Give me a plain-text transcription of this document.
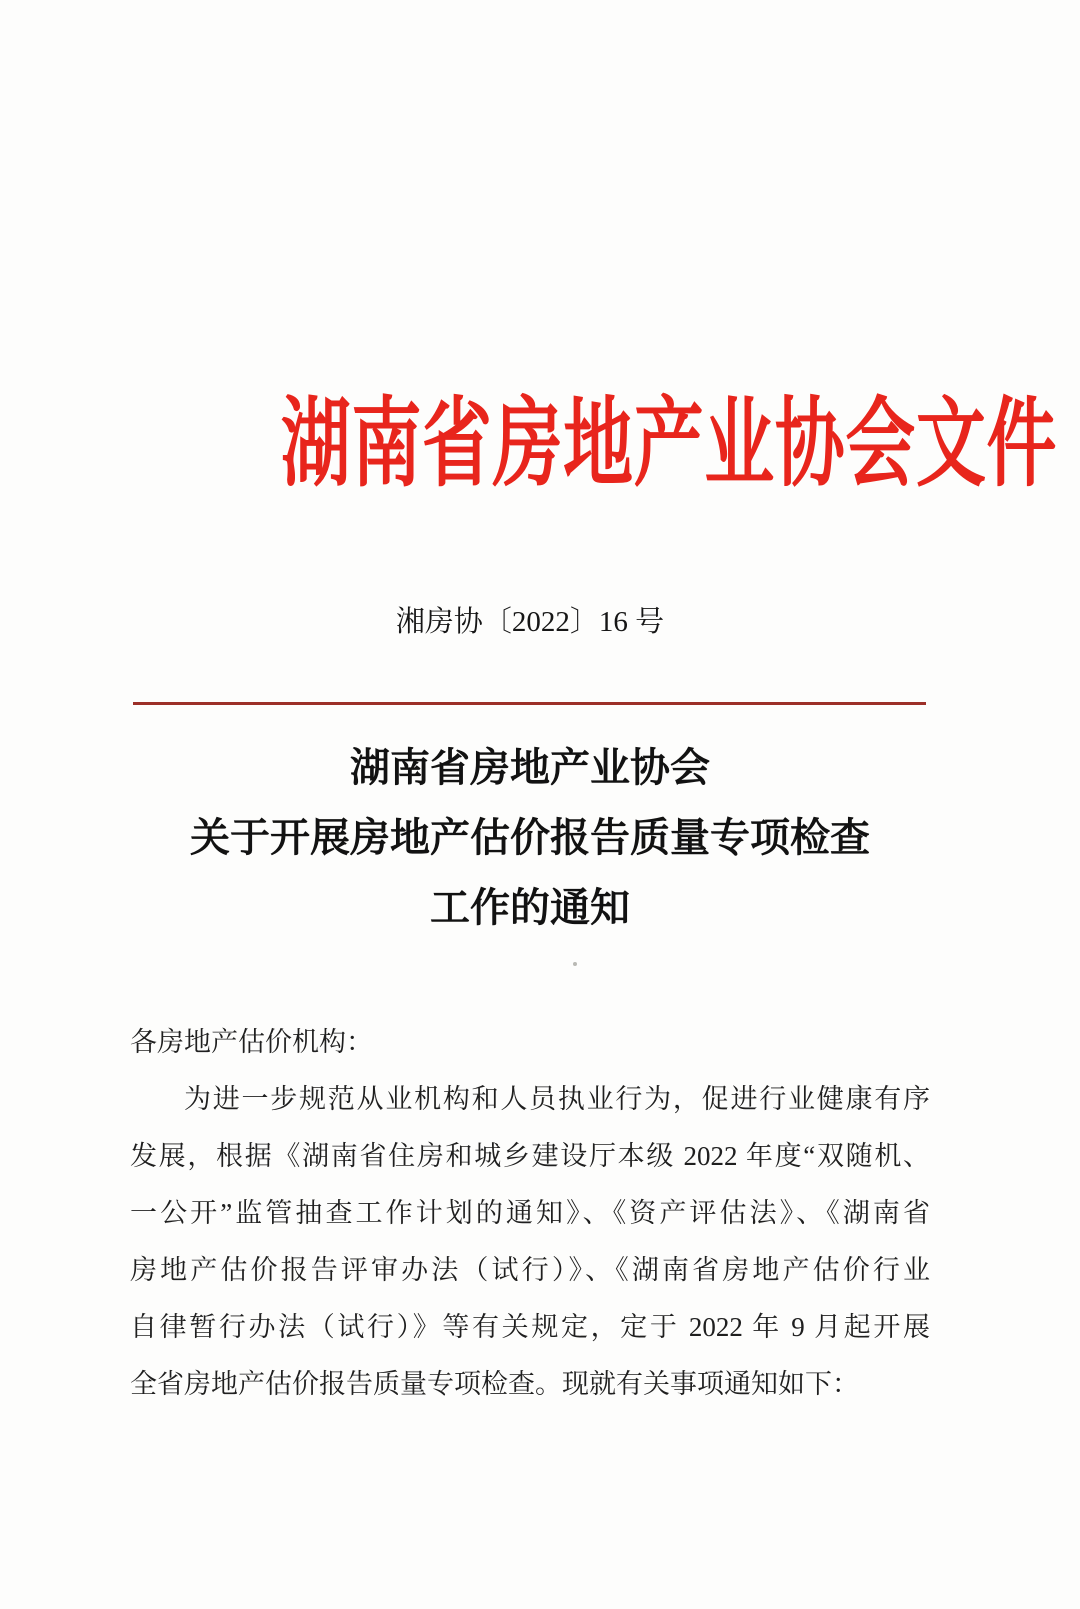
湖南省房地产业协会文件
湘房协〔2022〕16 号
湖南省房地产业协会
关于开展房地产估价报告质量专项检查
工作的通知
各房地产估价机构：
为进一步规范从业机构和人员执业行为，促进行业健康有序
发展，根据《湖南省住房和城乡建设厅本级 2022 年度“双随机、
一公开”监管抽查工作计划的通知》、《资产评估法》、《湖南省
房地产估价报告评审办法（试行）》、《湖南省房地产估价行业
自律暂行办法（试行）》等有关规定，定于 2022 年 9 月起开展
全省房地产估价报告质量专项检查。现就有关事项通知如下：
